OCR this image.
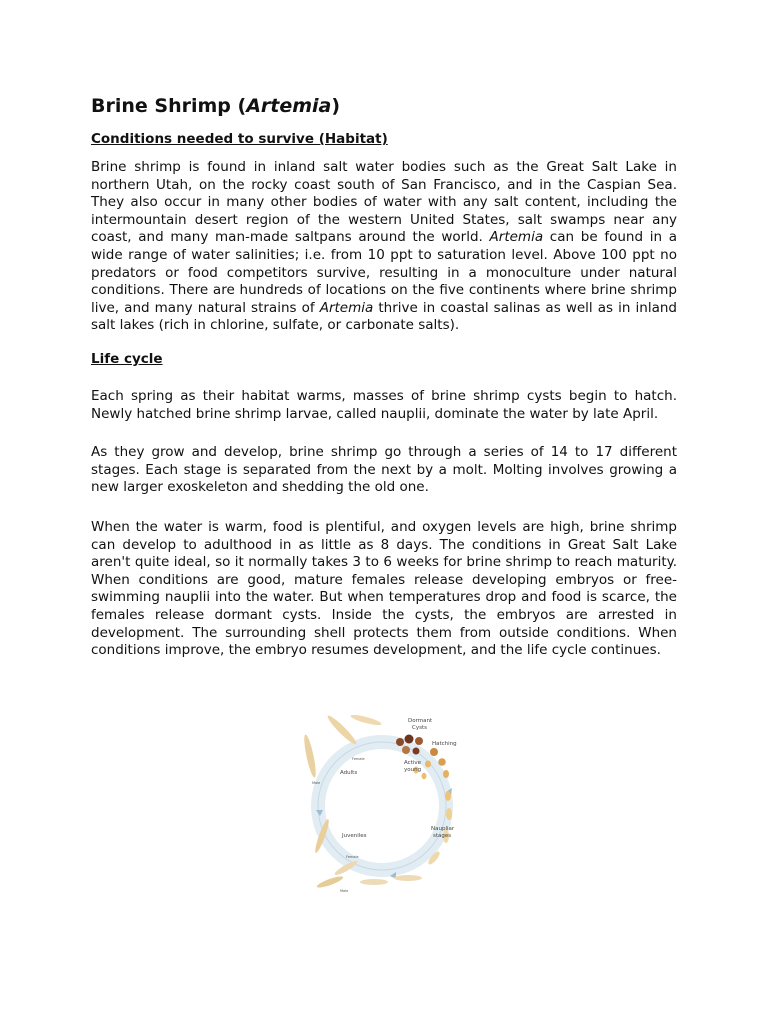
Brine Shrimp (Artemia)
Conditions needed to survive (Habitat)

Brine shrimp is found in inland salt water bodies such as the Great Salt Lake in northern Utah, on the rocky coast south of San Francisco, and in the Caspian Sea. They also occur in many other bodies of water with any salt content, including the intermountain desert region of the western United States, salt swamps near any coast, and many man-made saltpans around the world. Artemia can be found in a wide range of water salinities; i.e. from 10 ppt to saturation level. Above 100 ppt no predators or food competitors survive, resulting in a monoculture under natural conditions. There are hundreds of locations on the five continents where brine shrimp live, and many natural strains of Artemia thrive in coastal salinas as well as in inland salt lakes (rich in chlorine, sulfate, or carbonate salts).

Life cycle

Each spring as their habitat warms, masses of brine shrimp cysts begin to hatch. Newly hatched brine shrimp larvae, called nauplii, dominate the water by late April.

As they grow and develop, brine shrimp go through a series of 14 to 17 different stages. Each stage is separated from the next by a molt. Molting involves growing a new larger exoskeleton and shedding the old one.

When the water is warm, food is plentiful, and oxygen levels are high, brine shrimp can develop to adulthood in as little as 8 days. The conditions in Great Salt Lake aren't quite ideal, so it normally takes 3 to 6 weeks for brine shrimp to reach maturity. When conditions are good, mature females release developing embryos or free-swimming nauplii into the water. But when temperatures drop and food is scarce, the females release dormant cysts. Inside the cysts, the embryos are arrested in development. The surrounding shell protects them from outside conditions. When conditions improve, the embryo resumes development, and the life cycle continues.

Dormant
Cysts
Hatching
Active
young
Adults
Female
Male
Naupliar
stages
Juveniles
Female
Male
